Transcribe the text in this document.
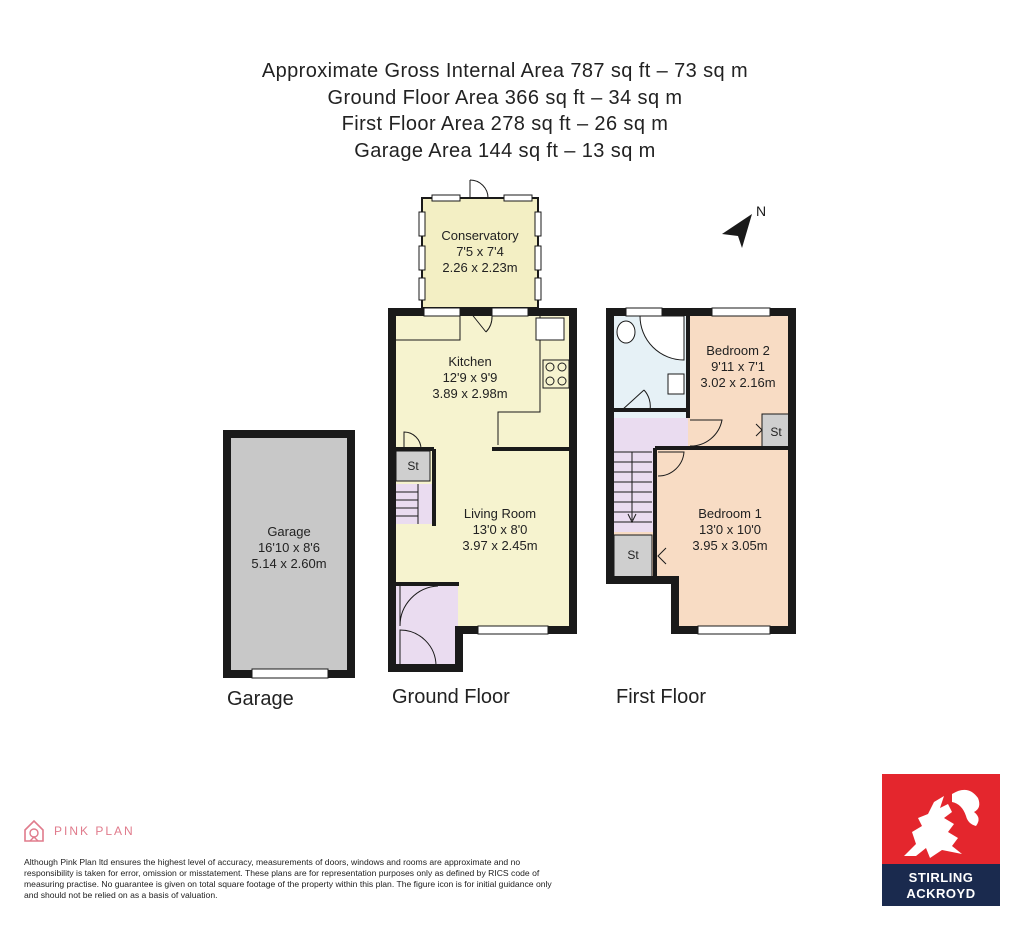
Approximate Gross Internal Area 787 sq ft – 73 sq m
Ground Floor Area 366 sq ft – 34 sq m
First Floor Area 278 sq ft – 26 sq m
Garage Area 144 sq ft – 13 sq m
Garage
16'10 x 8'6
5.14 x 2.60m
St
Conservatory
7'5 x 7'4
2.26 x 2.23m
Kitchen
12'9 x 9'9
3.89 x 2.98m
Living Room
13'0 x 8'0
3.97 x 2.45m
St
St
Bedroom 2
9'11 x 7'1
3.02 x 2.16m
Bedroom 1
13'0 x 10'0
3.95 x 3.05m
N
Garage	Ground Floor	First Floor
PINK PLAN
Although Pink Plan ltd ensures the highest level of accuracy, measurements of doors, windows and rooms are approximate and no responsibility is taken for error, omission or misstatement. These plans are for representation purposes only as defined by RICS code of measuring practise. No guarantee is given on total square footage of the property within this plan. The figure icon is for initial guidance only and should not be relied on as a basis of valuation.
STIRLING
ACKROYD
